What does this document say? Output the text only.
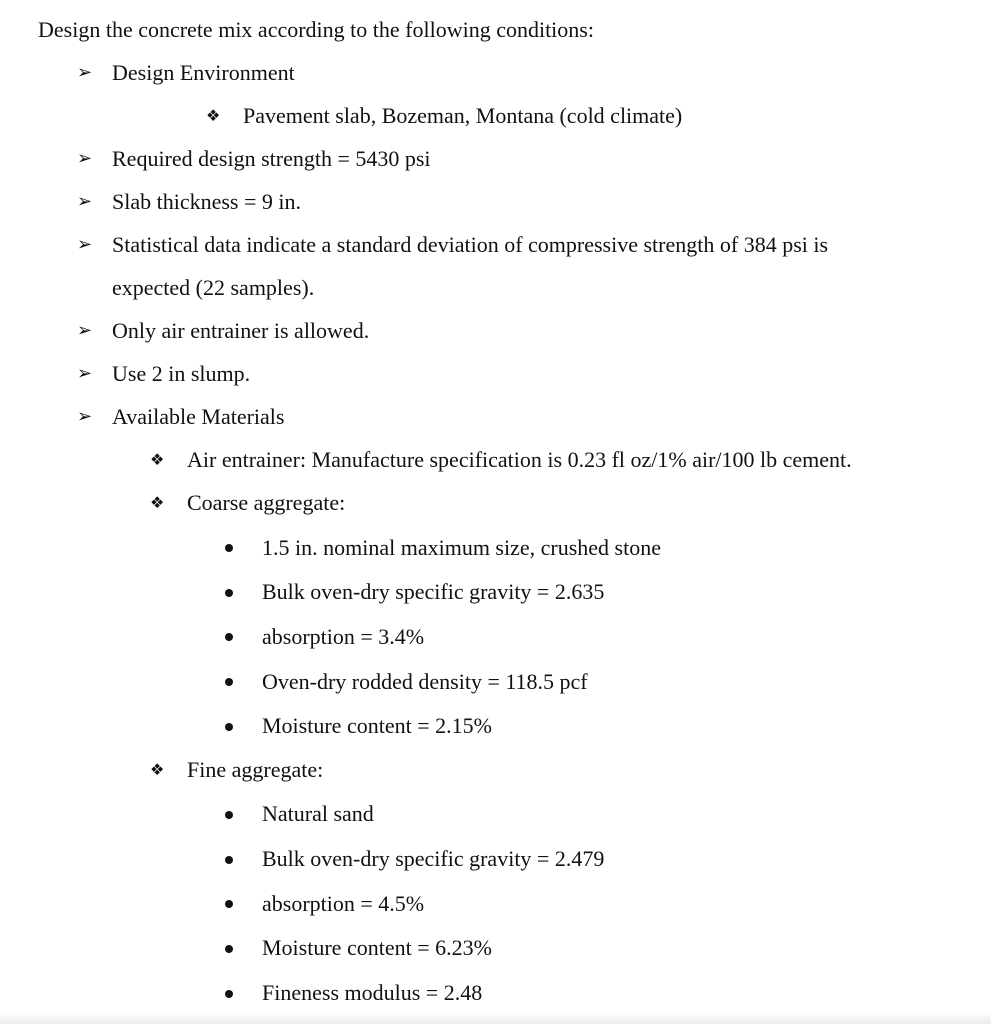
Design the concrete mix according to the following conditions:
➢ Design Environment
❖ Pavement slab, Bozeman, Montana (cold climate)
➢ Required design strength = 5430 psi
➢ Slab thickness = 9 in.
➢ Statistical data indicate a standard deviation of compressive strength of 384 psi is
expected (22 samples).
➢ Only air entrainer is allowed.
➢ Use 2 in slump.
➢ Available Materials
❖ Air entrainer: Manufacture specification is 0.23 fl oz/1% air/100 lb cement.
❖ Coarse aggregate:
1.5 in. nominal maximum size, crushed stone
Bulk oven-dry specific gravity = 2.635
absorption = 3.4%
Oven-dry rodded density = 118.5 pcf
Moisture content = 2.15%
❖ Fine aggregate:
Natural sand
Bulk oven-dry specific gravity = 2.479
absorption = 4.5%
Moisture content = 6.23%
Fineness modulus = 2.48
